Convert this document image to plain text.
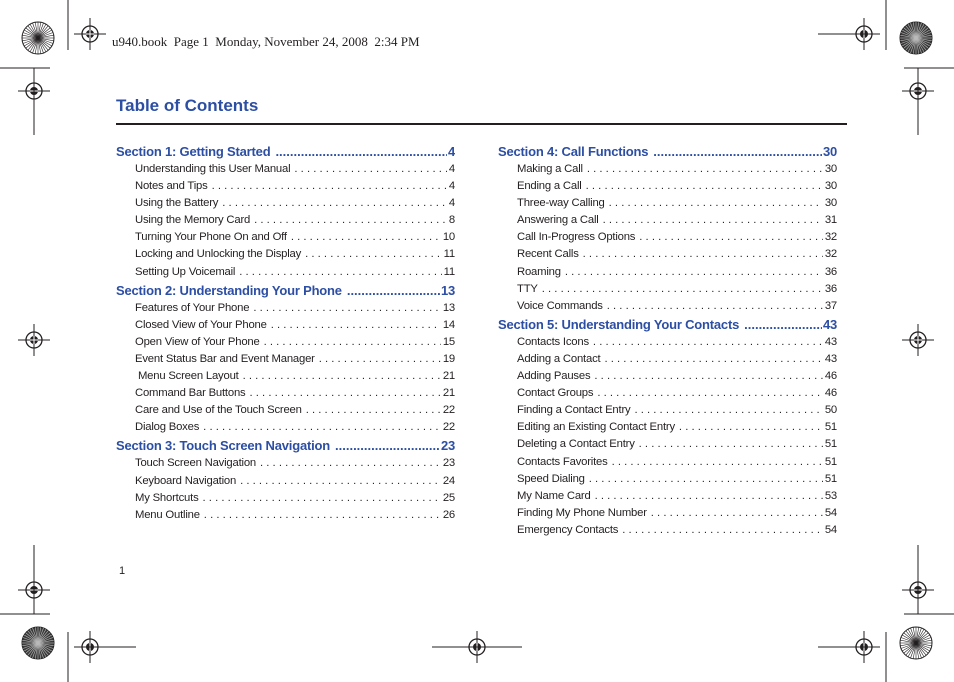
u940.book  Page 1  Monday, November 24, 2008  2:34 PM
Table of Contents
Section 1: Getting Started .....	4
Understanding this User Manual . . .	4
Notes and Tips . . .	4
Using the Battery . . .	4
Using the Memory Card . . .	8
Turning Your Phone On and Off . . .	10
Locking and Unlocking the Display . . .	11
Setting Up Voicemail . . .	11
Section 2: Understanding Your Phone .....	13
Features of Your Phone . . .	13
Closed View of Your Phone . . .	14
Open View of Your Phone . . .	15
Event Status Bar and Event Manager . . .	19
Menu Screen Layout . . .	21
Command Bar Buttons . . .	21
Care and Use of the Touch Screen . . .	22
Dialog Boxes . . .	22
Section 3: Touch Screen Navigation .....	23
Touch Screen Navigation . . .	23
Keyboard Navigation . . .	24
My Shortcuts . . .	25
Menu Outline . . .	26
Section 4: Call Functions .....	30
Making a Call . . .	30
Ending a Call . . .	30
Three-way Calling . . .	30
Answering a Call . . .	31
Call In-Progress Options . . .	32
Recent Calls . . .	32
Roaming . . .	36
TTY . . .	36
Voice Commands . . .	37
Section 5: Understanding Your Contacts .....	43
Contacts Icons . . .	43
Adding a Contact . . .	43
Adding Pauses . . .	46
Contact Groups . . .	46
Finding a Contact Entry . . .	50
Editing an Existing Contact Entry . . .	51
Deleting a Contact Entry . . .	51
Contacts Favorites . . .	51
Speed Dialing . . .	51
My Name Card . . .	53
Finding My Phone Number . . .	54
Emergency Contacts . . .	54
1
